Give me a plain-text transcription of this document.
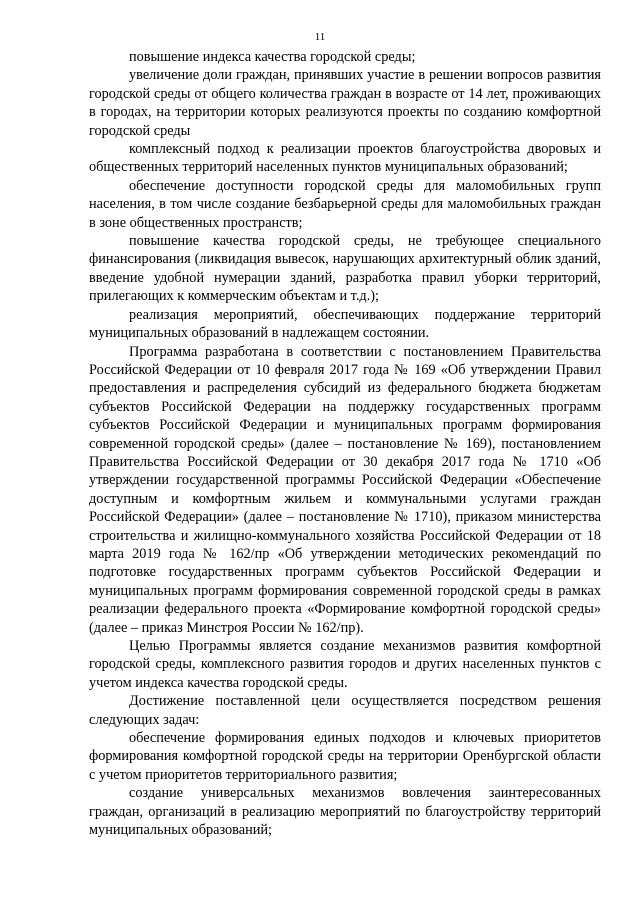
11

повышение индекса качества городской среды;

увеличение доли граждан, принявших участие в решении вопросов развития городской среды от общего количества граждан в возрасте от 14 лет, проживающих в городах, на территории которых реализуются проекты по созданию комфортной городской среды

комплексный подход к реализации проектов благоустройства дворовых и общественных территорий населенных пунктов муниципальных образований;

обеспечение доступности городской среды для маломобильных групп населения, в том числе создание безбарьерной среды для маломобильных граждан в зоне общественных пространств;

повышение качества городской среды, не требующее специального финансирования (ликвидация вывесок, нарушающих архитектурный облик зданий, введение удобной нумерации зданий, разработка правил уборки территорий, прилегающих к коммерческим объектам и т.д.);

реализация мероприятий, обеспечивающих поддержание территорий муниципальных образований в надлежащем состоянии.

Программа разработана в соответствии с постановлением Правительства Российской Федерации от 10 февраля 2017 года № 169 «Об утверждении Правил предоставления и распределения субсидий из федерального бюджета бюджетам субъектов Российской Федерации на поддержку государственных программ субъектов Российской Федерации и муниципальных программ формирования современной городской среды» (далее – постановление № 169), постановлением Правительства Российской Федерации от 30 декабря 2017 года № 1710 «Об утверждении государственной программы Российской Федерации «Обеспечение доступным и комфортным жильем и коммунальными услугами граждан Российской Федерации» (далее – постановление № 1710), приказом министерства строительства и жилищно-коммунального хозяйства Российской Федерации от 18 марта 2019 года № 162/пр «Об утверждении методических рекомендаций по подготовке государственных программ субъектов Российской Федерации и муниципальных программ формирования современной городской среды в рамках реализации федерального проекта «Формирование комфортной городской среды» (далее – приказ Минстроя России № 162/пр).

Целью Программы является создание механизмов развития комфортной городской среды, комплексного развития городов и других населенных пунктов с учетом индекса качества городской среды.

Достижение поставленной цели осуществляется посредством решения следующих задач:

обеспечение формирования единых подходов и ключевых приоритетов формирования комфортной городской среды на территории Оренбургской области с учетом приоритетов территориального развития;

создание универсальных механизмов вовлечения заинтересованных граждан, организаций в реализацию мероприятий по благоустройству территорий муниципальных образований;
